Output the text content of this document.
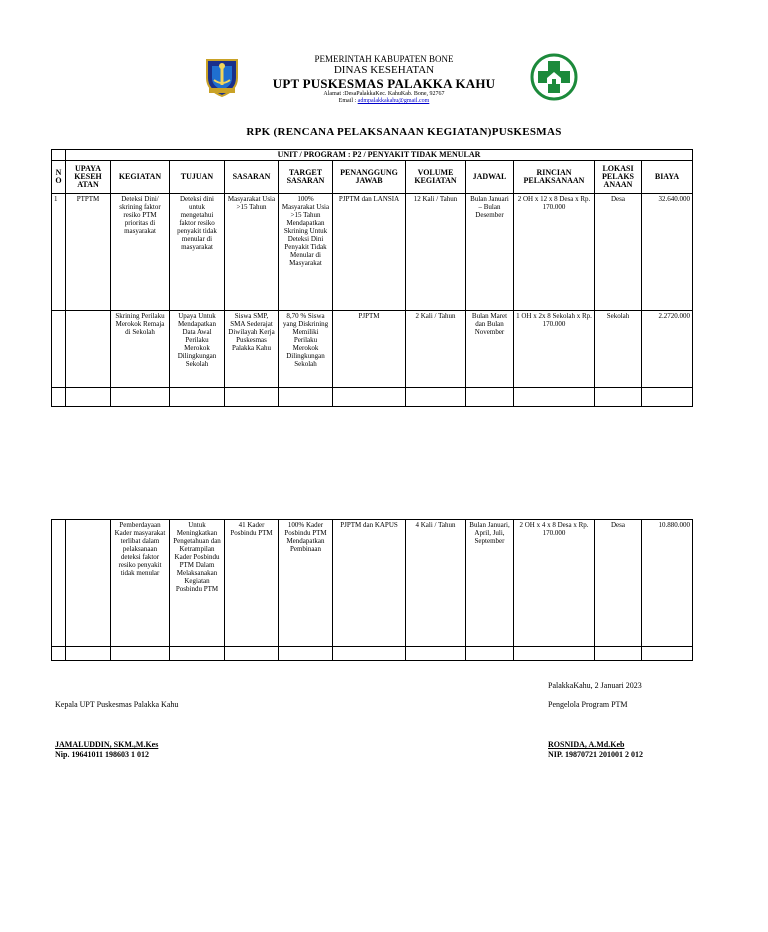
PEMERINTAH KABUPATEN BONE
DINAS KESEHATAN
UPT PUSKESMAS PALAKKA KAHU
Alamat :DesaPalakkaKec. KahuKab. Bone, 92767
Email : admpalakkakahu@gmail.com
RPK (RENCANA PELAKSANAAN KEGIATAN)PUSKESMAS
	UNIT / PROGRAM : P2 / PENYAKIT TIDAK MENULAR										
N O	UPAYA KESEH ATAN	KEGIATAN	TUJUAN	SASARAN	TARGET SASARAN	PENANGGUNG JAWAB	VOLUME KEGIATAN	JADWAL	RINCIAN PELAKSANAAN	LOKASI PELAKS ANAAN	BIAYA
1	PTPTM	Deteksi Dini/ skrining faktor resiko PTM prioritas di masyarakat	Deteksi dini untuk mengetahui faktor resiko penyakit tidak menular di masyarakat	Masyarakat Usia >15 Tahun	100% Masyarakat Usia >15 Tahun Mendapatkan Skrining Untuk Deteksi Dini Penyakit Tidak Menular di Masyarakat	PJPTM dan LANSIA	12 Kali / Tahun	Bulan Januari – Bulan Desember	2 OH x 12 x 8 Desa x Rp. 170.000	Desa	32.640.000
		Skrining Perilaku Merokok Remaja di Sekolah	Upaya Untuk Mendapatkan Data Awal Perilaku Merokok Dilingkungan Sekolah	Siswa SMP, SMA Sederajat Diwilayah Kerja Puskesmas Palakka Kahu	8,70 % Siswa yang Diskrining Memiliki Perilaku Merokok Dilingkungan Sekolah	PJPTM	2 Kali / Tahun	Bulan Maret dan Bulan November	1 OH x 2x 8 Sekolah x Rp. 170.000	Sekolah	2.2720.000

		Pemberdayaan Kader masyarakat terlibat dalam pelaksanaan deteksi faktor resiko penyakit tidak menular	Untuk Meningkatkan Pengetahuan dan Ketrampilan Kader Posbindu PTM Dalam Melaksanakan Kegiatan Posbindu PTM	41 Kader Posbindu PTM	100% Kader Posbindu PTM Mendapatkan Pembinaan	PJPTM dan KAPUS	4 Kali / Tahun	Bulan Januari, April, Juli, September	2 OH x 4 x 8 Desa x Rp. 170.000	Desa	10.880.000

PalakkaKahu, 2 Januari 2023
Kepala UPT Puskesmas Palakka Kahu	Pengelola Program PTM
JAMALUDDIN, SKM.,M.Kes
Nip. 19641011 198603 1 012
ROSNIDA, A.Md.Keb
NIP. 19870721 201001 2 012
